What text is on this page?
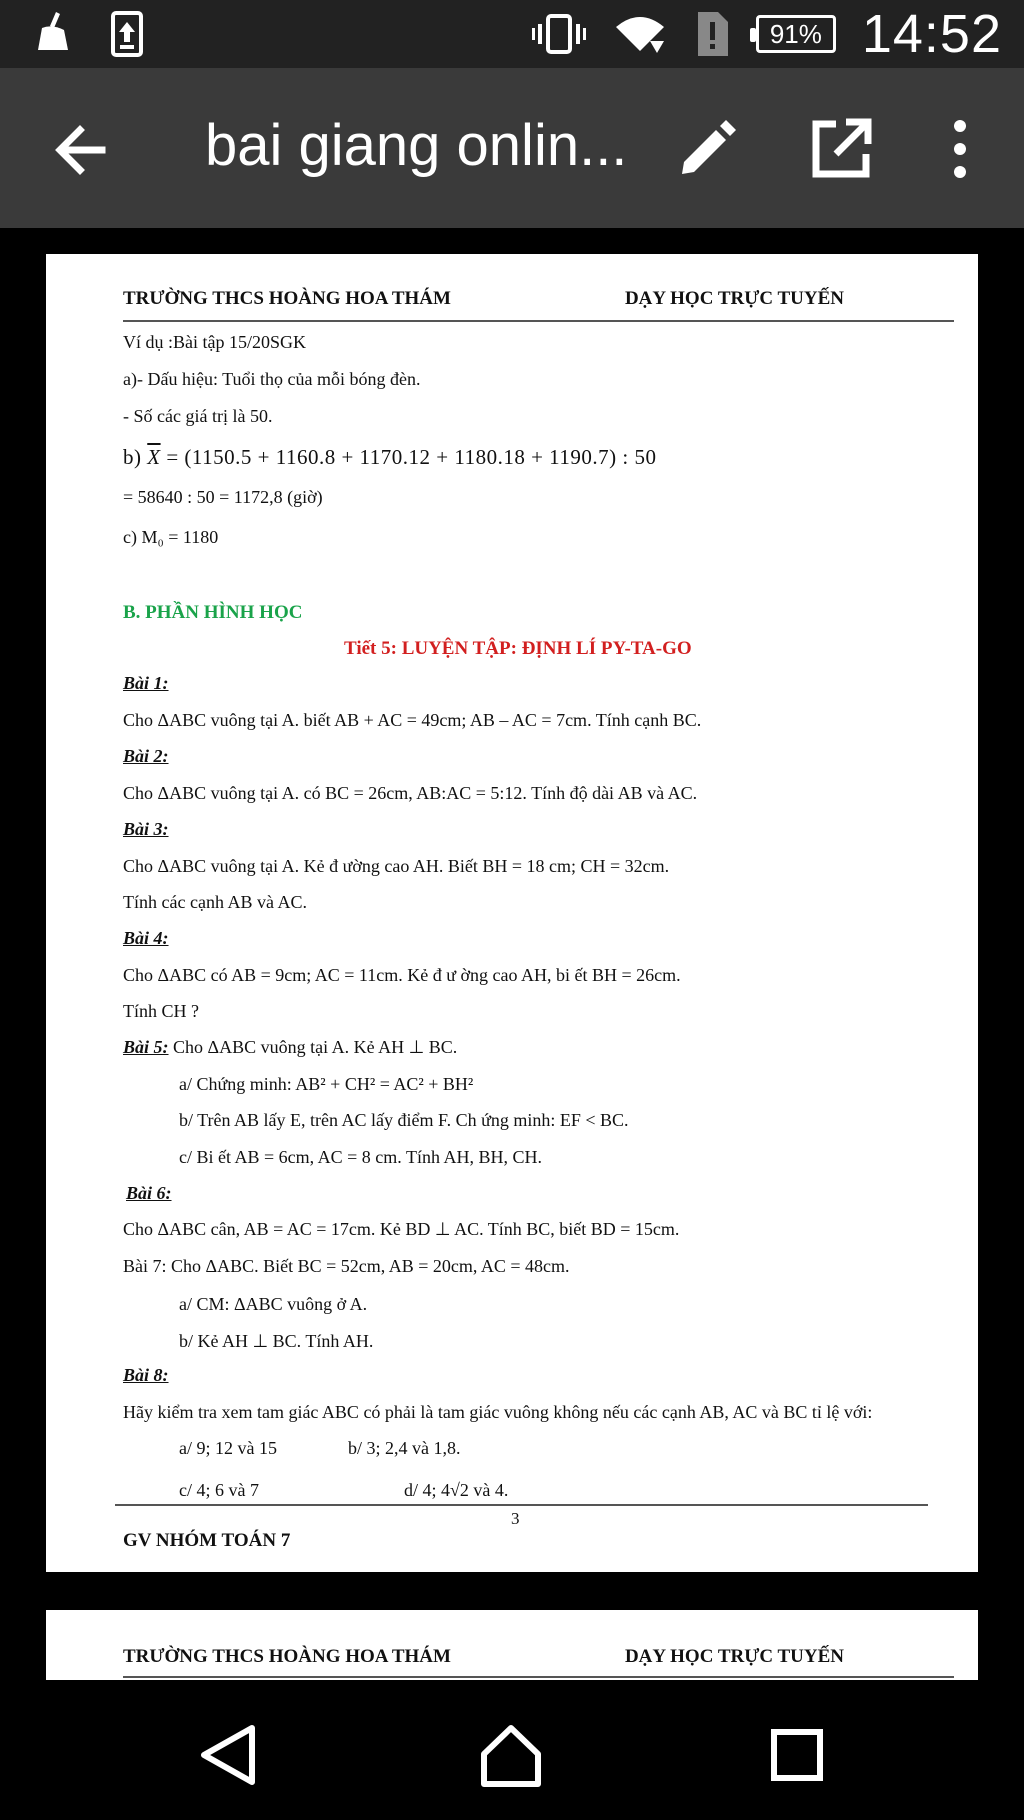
91% 14:52
bai giang onlin...
TRƯỜNG THCS HOÀNG HOA THÁM	DẠY HỌC TRỰC TUYẾN
Ví dụ :Bài tập 15/20SGK
a)- Dấu hiệu: Tuổi thọ của mỗi bóng đèn.
- Số các giá trị là 50.
b) $\overline{X} = (1150.5 + 1160.8 + 1170.12 + 1180.18 + 1190.7)$ : 50
= 58640 : 50 = 1172,8 (giờ)
c) M₀ = 1180
B. PHẦN HÌNH HỌC
Tiết 5: LUYỆN TẬP: ĐỊNH LÍ PY-TA-GO
Bài 1:
Cho ΔABC vuông tại A. biết AB + AC = 49cm; AB – AC = 7cm. Tính cạnh BC.
Bài 2:
Cho ΔABC vuông tại A. có BC = 26cm, AB:AC = 5:12. Tính độ dài AB và AC.
Bài 3:
Cho ΔABC vuông tại A. Kẻ đ ường cao AH. Biết BH = 18 cm; CH = 32cm.
Tính các cạnh AB và AC.
Bài 4:
Cho ΔABC có AB = 9cm; AC = 11cm. Kẻ đ ư ờng cao AH, bi ết BH = 26cm.
Tính CH ?
Bài 5: Cho ΔABC vuông tại A. Kẻ AH ⊥ BC.
a/ Chứng minh: AB² + CH² = AC² + BH²
b/ Trên AB lấy E, trên AC lấy điểm F. Ch ứng minh: EF < BC.
c/ Bi ết AB = 6cm, AC = 8 cm. Tính AH, BH, CH.
Bài 6:
Cho ΔABC cân, AB = AC = 17cm. Kẻ BD ⊥ AC. Tính BC, biết BD = 15cm.
Bài 7: Cho ΔABC. Biết BC = 52cm, AB = 20cm, AC = 48cm.
a/ CM: ΔABC vuông ở A.
b/ Kẻ AH ⊥ BC. Tính AH.
Bài 8:
Hãy kiểm tra xem tam giác ABC có phải là tam giác vuông không nếu các cạnh AB, AC và BC tỉ lệ với:
a/ 9; 12 và 15	b/ 3; 2,4 và 1,8.
c/ 4; 6 và 7	d/ 4; 4√2 và 4.
3
GV NHÓM TOÁN 7
TRƯỜNG THCS HOÀNG HOA THÁM	DẠY HỌC TRỰC TUYẾN
